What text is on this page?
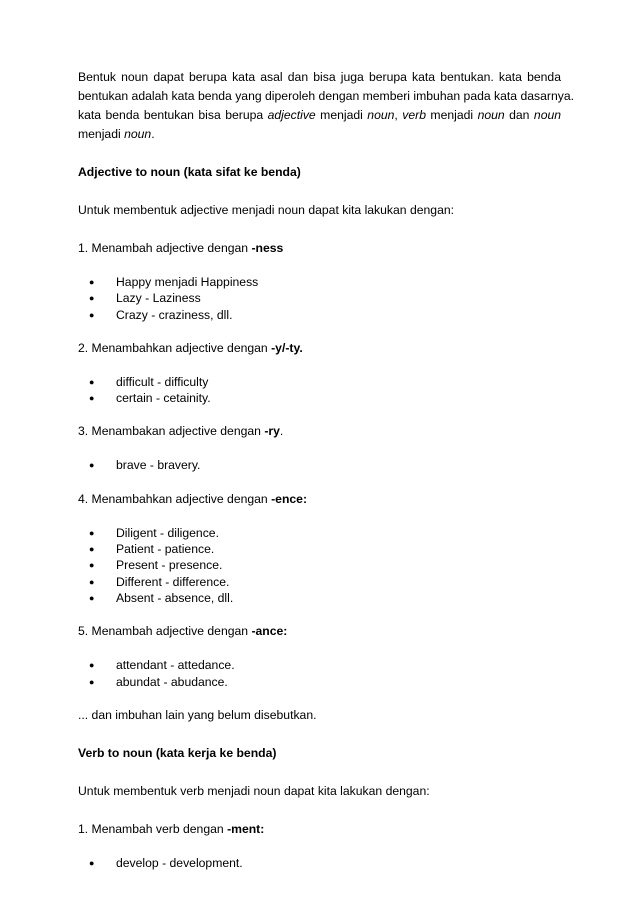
Bentuk noun dapat berupa kata asal dan bisa juga berupa kata bentukan. kata benda
bentukan adalah kata benda yang diperoleh dengan memberi imbuhan pada kata dasarnya.
kata benda bentukan bisa berupa adjective menjadi noun, verb menjadi noun dan noun
menjadi noun.
Adjective to noun (kata sifat ke benda)
Untuk membentuk adjective menjadi noun dapat kita lakukan dengan:
1. Menambah adjective dengan -ness
● Happy menjadi Happiness
● Lazy - Laziness
● Crazy - craziness, dll.
2. Menambahkan adjective dengan -y/-ty.
● difficult - difficulty
● certain - cetainity.
3. Menambakan adjective dengan -ry.
● brave - bravery.
4. Menambahkan adjective dengan -ence:
● Diligent - diligence.
● Patient - patience.
● Present - presence.
● Different - difference.
● Absent - absence, dll.
5. Menambah adjective dengan -ance:
● attendant - attedance.
● abundat - abudance.
... dan imbuhan lain yang belum disebutkan.
Verb to noun (kata kerja ke benda)
Untuk membentuk verb menjadi noun dapat kita lakukan dengan:
1. Menambah verb dengan -ment:
● develop - development.
